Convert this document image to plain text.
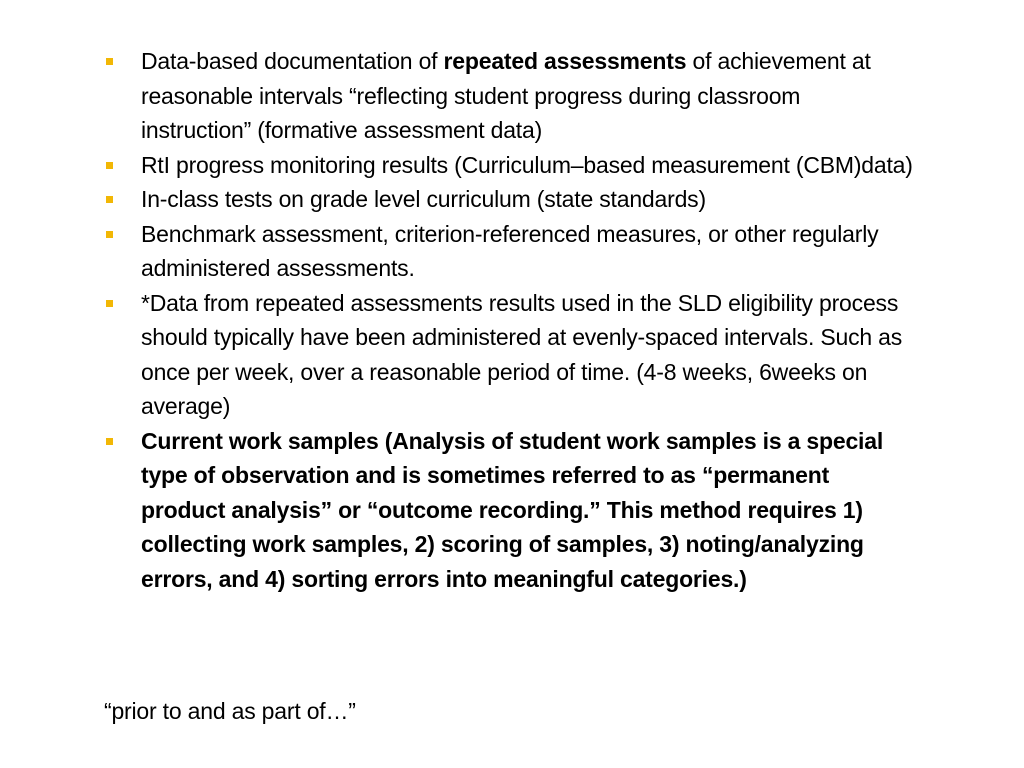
Data-based documentation of repeated assessments of achievement at reasonable intervals “reflecting student progress during classroom instruction” (formative assessment data)
RtI progress monitoring results (Curriculum–based measurement (CBM)data)
In-class tests on grade level curriculum (state standards)
Benchmark assessment, criterion-referenced measures, or other regularly administered assessments.
*Data from repeated assessments results used in the SLD eligibility process should typically have been administered at evenly-spaced intervals. Such as once per week, over a reasonable period of time. (4-8 weeks, 6weeks on average)
Current work samples (Analysis of student work samples is a special type of observation and is sometimes referred to as “permanent product analysis” or “outcome recording.” This method requires 1) collecting work samples, 2) scoring of samples, 3) noting/analyzing errors, and 4) sorting errors into meaningful categories.)
“prior to and as part of…”
